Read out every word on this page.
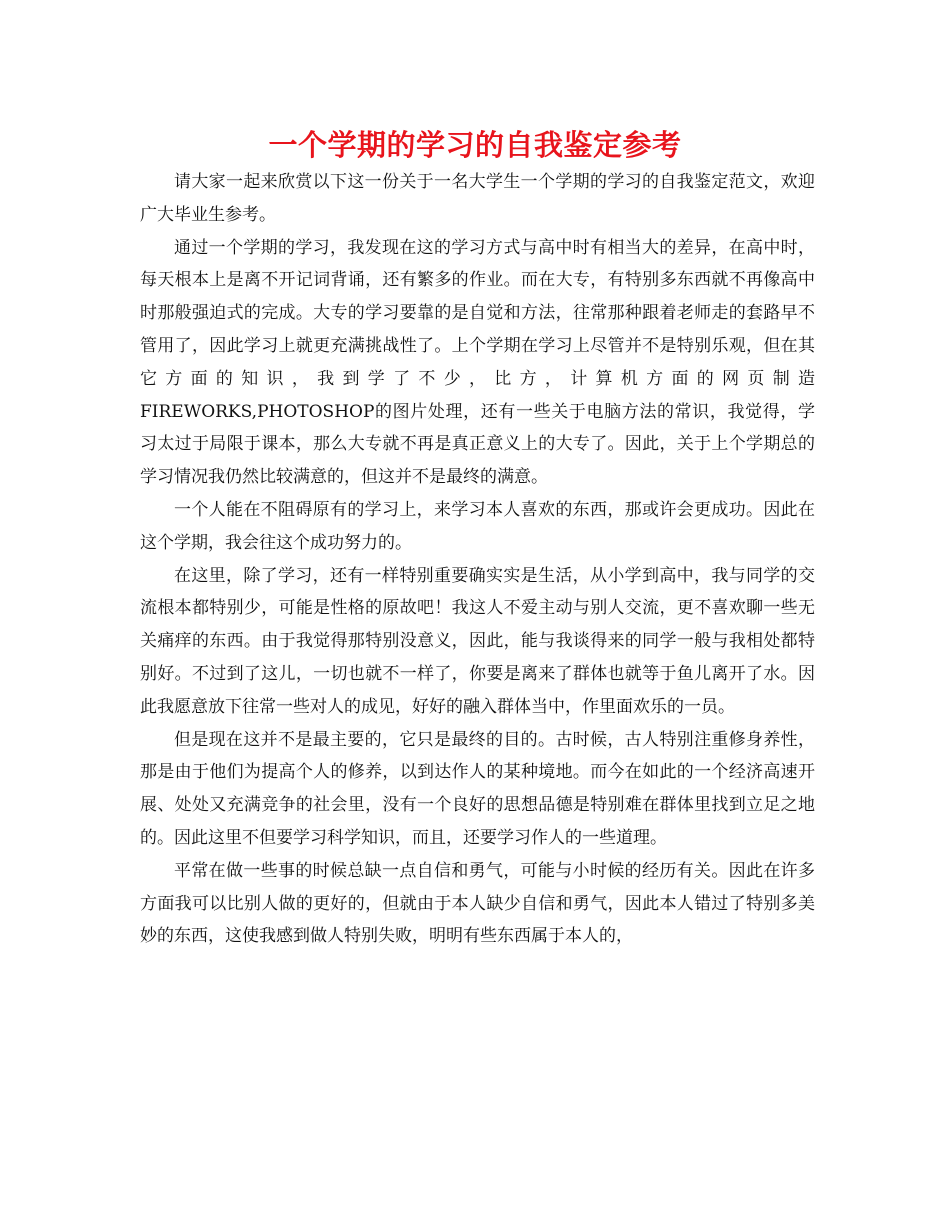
一个学期的学习的自我鉴定参考

请大家一起来欣赏以下这一份关于一名大学生一个学期的学习的自我鉴定范文，欢迎广大毕业生参考。

通过一个学期的学习，我发现在这的学习方式与高中时有相当大的差异，在高中时，每天根本上是离不开记词背诵，还有繁多的作业。而在大专，有特别多东西就不再像高中时那般强迫式的完成。大专的学习要靠的是自觉和方法，往常那种跟着老师走的套路早不管用了，因此学习上就更充满挑战性了。上个学期在学习上尽管并不是特别乐观，但在其它方面的知识，我到学了不少，比方，计算机方面的网页制造FIREWORKS,PHOTOSHOP的图片处理，还有一些关于电脑方法的常识，我觉得，学习太过于局限于课本，那么大专就不再是真正意义上的大专了。因此，关于上个学期总的学习情况我仍然比较满意的，但这并不是最终的满意。

一个人能在不阻碍原有的学习上，来学习本人喜欢的东西，那或许会更成功。因此在这个学期，我会往这个成功努力的。

在这里，除了学习，还有一样特别重要确实实是生活，从小学到高中，我与同学的交流根本都特别少，可能是性格的原故吧！我这人不爱主动与别人交流，更不喜欢聊一些无关痛痒的东西。由于我觉得那特别没意义，因此，能与我谈得来的同学一般与我相处都特别好。不过到了这儿，一切也就不一样了，你要是离来了群体也就等于鱼儿离开了水。因此我愿意放下往常一些对人的成见，好好的融入群体当中，作里面欢乐的一员。

但是现在这并不是最主要的，它只是最终的目的。古时候，古人特别注重修身养性，那是由于他们为提高个人的修养，以到达作人的某种境地。而今在如此的一个经济高速开展、处处又充满竞争的社会里，没有一个良好的思想品德是特别难在群体里找到立足之地的。因此这里不但要学习科学知识，而且，还要学习作人的一些道理。

平常在做一些事的时候总缺一点自信和勇气，可能与小时候的经历有关。因此在许多方面我可以比别人做的更好的，但就由于本人缺少自信和勇气，因此本人错过了特别多美妙的东西，这使我感到做人特别失败，明明有些东西属于本人的，
